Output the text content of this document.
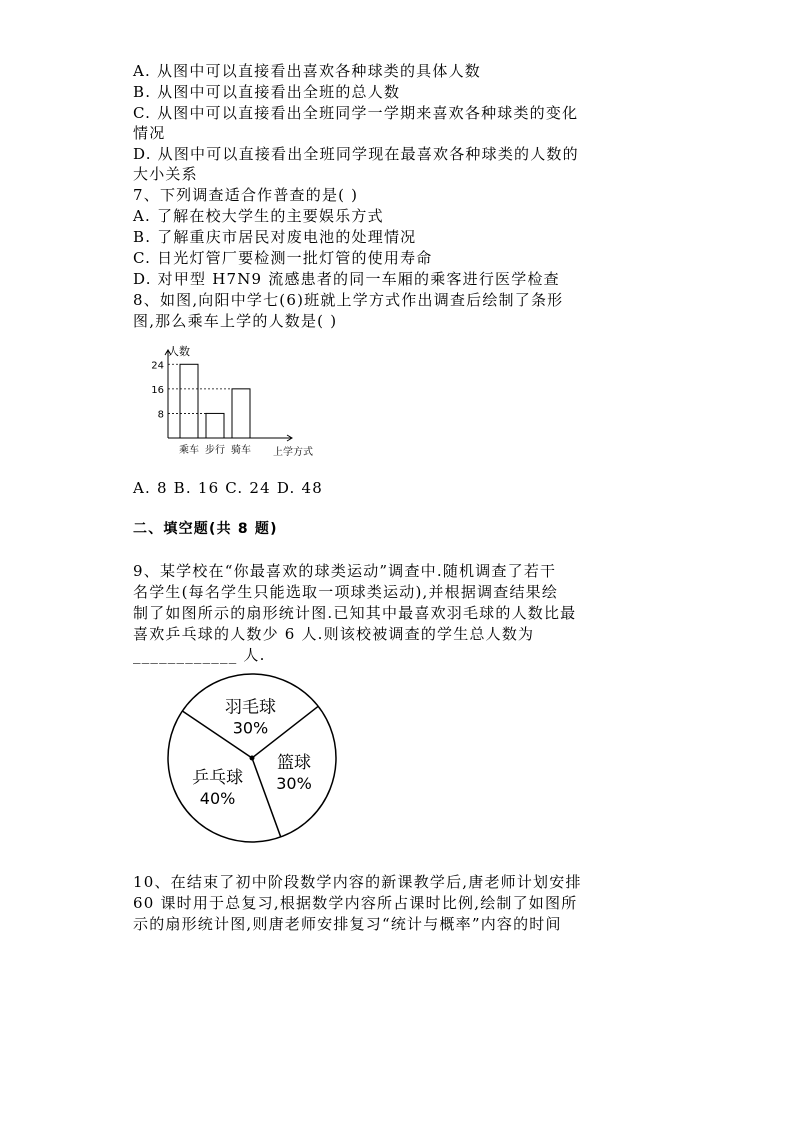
A. 从图中可以直接看出喜欢各种球类的具体人数
B. 从图中可以直接看出全班的总人数
C. 从图中可以直接看出全班同学一学期来喜欢各种球类的变化
情况
D. 从图中可以直接看出全班同学现在最喜欢各种球类的人数的
大小关系
7、下列调查适合作普查的是( )
A. 了解在校大学生的主要娱乐方式
B. 了解重庆市居民对废电池的处理情况
C. 日光灯管厂要检测一批灯管的使用寿命
D. 对甲型 H7N9 流感患者的同一车厢的乘客进行医学检查
8、如图,向阳中学七(6)班就上学方式作出调查后绘制了条形
图,那么乘车上学的人数是( )
乘车 步行 骑车
8
16
24
人数
上学方式
A. 8 B. 16 C. 24 D. 48
二、填空题(共 8 题)
9、某学校在“你最喜欢的球类运动”调查中.随机调查了若干
名学生(每名学生只能选取一项球类运动),并根据调查结果绘
制了如图所示的扇形统计图.已知其中最喜欢羽毛球的人数比最
喜欢乒乓球的人数少 6 人.则该校被调查的学生总人数为
____________ 人.
羽毛球
30%
篮球
30%
乒乓球
40%
10、在结束了初中阶段数学内容的新课教学后,唐老师计划安排
60 课时用于总复习,根据数学内容所占课时比例,绘制了如图所
示的扇形统计图,则唐老师安排复习“统计与概率”内容的时间
